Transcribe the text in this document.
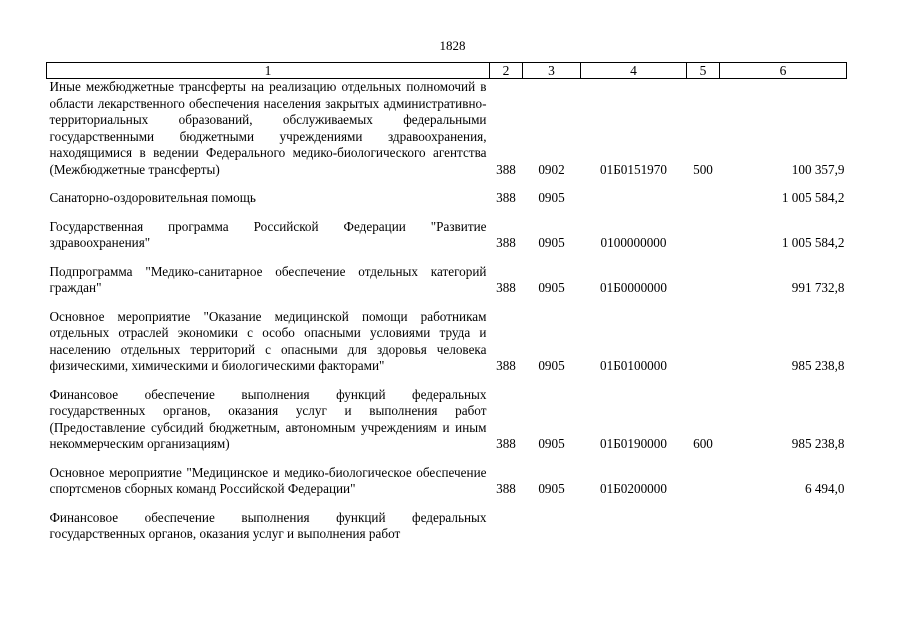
1828
1	2	3	4	5	6
Иные межбюджетные трансферты на реализацию отдельных полномочий в области лекарственного обеспечения населения закрытых административно-территориальных образований, обслуживаемых федеральными государственными бюджетными учреждениями здравоохранения, находящимися в ведении Федерального медико-биологического агентства (Межбюджетные трансферты)	388	0902	01Б0151970	500	100 357,9

Санаторно-оздоровительная помощь	388	0905			1 005 584,2

Государственная программа Российской Федерации "Развитие здравоохранения"	388	0905	0100000000		1 005 584,2

Подпрограмма "Медико-санитарное обеспечение отдельных категорий граждан"	388	0905	01Б0000000		991 732,8

Основное мероприятие "Оказание медицинской помощи работникам отдельных отраслей экономики с особо опасными условиями труда и населению отдельных территорий с опасными для здоровья человека физическими, химическими и биологическими факторами"	388	0905	01Б0100000		985 238,8

Финансовое обеспечение выполнения функций федеральных государственных органов, оказания услуг и выполнения работ (Предоставление субсидий бюджетным, автономным учреждениям и иным некоммерческим организациям)	388	0905	01Б0190000	600	985 238,8

Основное мероприятие "Медицинское и медико-биологическое обеспечение спортсменов сборных команд Российской Федерации"	388	0905	01Б0200000		6 494,0

Финансовое обеспечение выполнения функций федеральных государственных органов, оказания услуг и выполнения работ					
